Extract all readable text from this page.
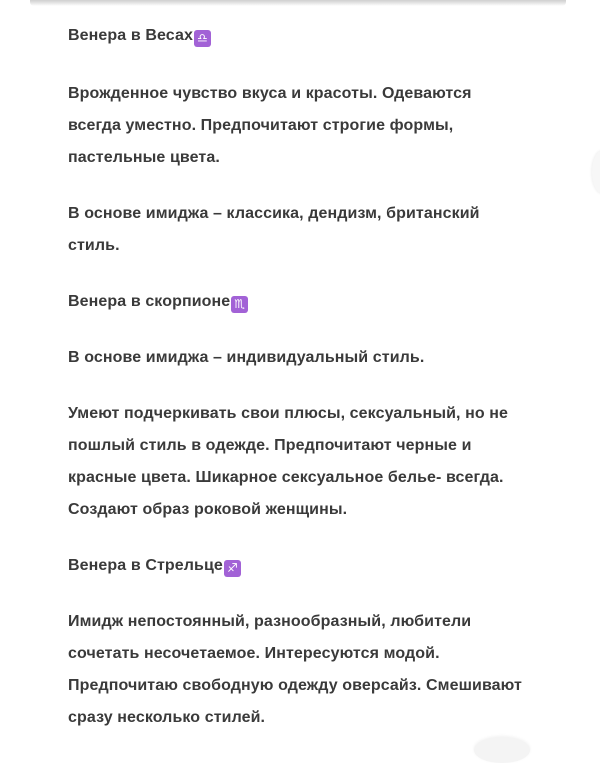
Венера в Весах ♎

Врожденное чувство вкуса и красоты. Одеваются всегда уместно. Предпочитают строгие формы, пастельные цвета.

В основе имиджа – классика, дендизм, британский стиль.

Венера в скорпионе ♏

В основе имиджа – индивидуальный стиль.

Умеют подчеркивать свои плюсы, сексуальный, но не пошлый стиль в одежде. Предпочитают черные и красные цвета. Шикарное сексуальное белье- всегда. Создают образ роковой женщины.

Венера в Стрельце ♐

Имидж непостоянный, разнообразный, любители сочетать несочетаемое. Интересуются модой. Предпочитаю свободную одежду оверсайз. Смешивают сразу несколько стилей.
